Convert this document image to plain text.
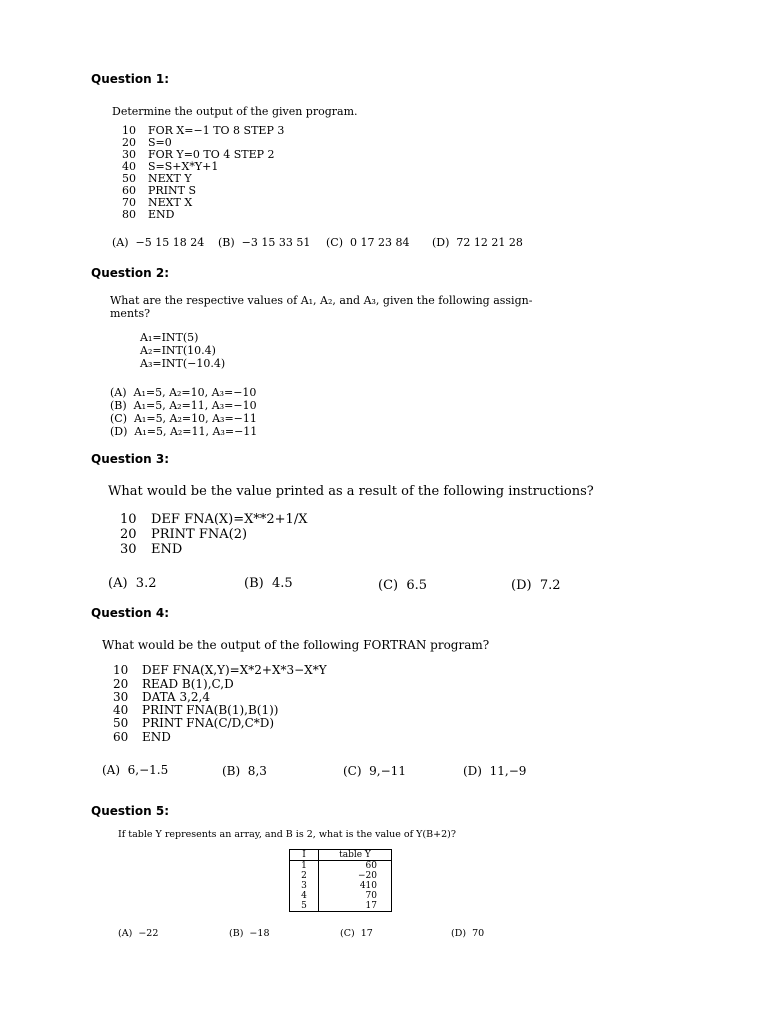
Question 1:
Determine the output of the given program.
10 FOR X=−1 TO 8 STEP 3
20 S=0
30 FOR Y=0 TO 4 STEP 2
40 S=S+X*Y+1
50 NEXT Y
60 PRINT S
70 NEXT X
80 END
(A)  −5 15 18 24 (B)  −3 15 33 51 (C)  0 17 23 84 (D)  72 12 21 28
Question 2:
What are the respective values of A₁, A₂, and A₃, given the following assign-
ments?
A₁=INT(5)
A₂=INT(10.4)
A₃=INT(−10.4)
(A)  A₁=5, A₂=10, A₃=−10
(B)  A₁=5, A₂=11, A₃=−10
(C)  A₁=5, A₂=10, A₃=−11
(D)  A₁=5, A₂=11, A₃=−11
Question 3:
What would be the value printed as a result of the following instructions?
10 DEF FNA(X)=X**2+1/X
20 PRINT FNA(2)
30 END
(A)  3.2	(B)  4.5	(C)  6.5	(D)  7.2
Question 4:
What would be the output of the following FORTRAN program?
10 DEF FNA(X,Y)=X*2+X*3−X*Y
20 READ B(1),C,D
30 DATA 3,2,4
40 PRINT FNA(B(1),B(1))
50 PRINT FNA(C/D,C*D)
60 END
(A)  6,−1.5	(B)  8,3	(C)  9,−11	(D)  11,−9
Question 5:
If table Y represents an array, and B is 2, what is the value of Y(B+2)?
I	table Y
1	60
2	−20
3	410
4	70
5	17
(A)  −22	(B)  −18	(C)  17	(D)  70
